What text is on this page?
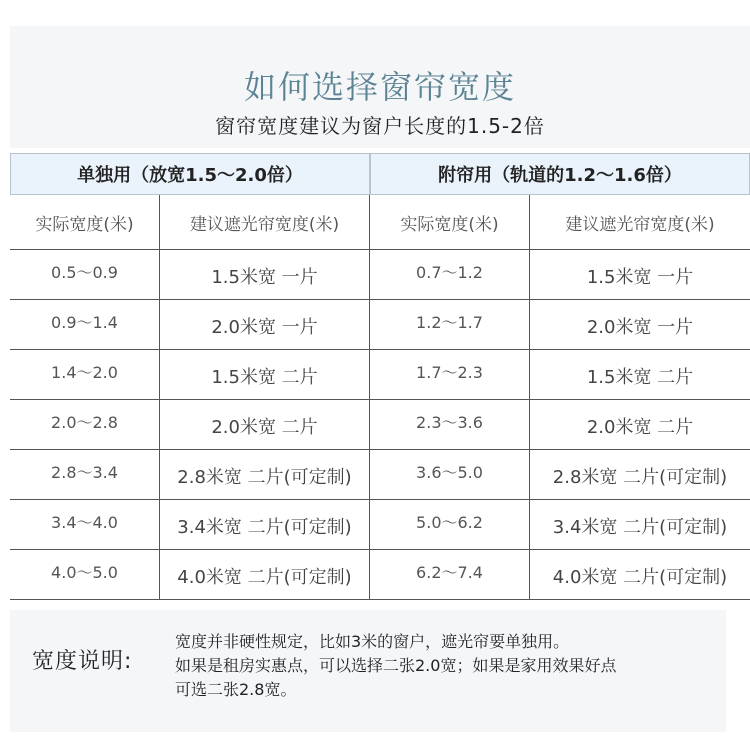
如何选择窗帘宽度
窗帘宽度建议为窗户长度的1.5-2倍
单独用（放宽1.5～2.0倍）	附帘用（轨道的1.2～1.6倍）
实际宽度(米)	建议遮光帘宽度(米)	实际宽度(米)	建议遮光帘宽度(米)
0.5～0.9	1.5米宽 一片	0.7～1.2	1.5米宽 一片
0.9～1.4	2.0米宽 一片	1.2～1.7	2.0米宽 一片
1.4～2.0	1.5米宽 二片	1.7～2.3	1.5米宽 二片
2.0～2.8	2.0米宽 二片	2.3～3.6	2.0米宽 二片
2.8～3.4	2.8米宽 二片(可定制)	3.6～5.0	2.8米宽 二片(可定制)
3.4～4.0	3.4米宽 二片(可定制)	5.0～6.2	3.4米宽 二片(可定制)
4.0～5.0	4.0米宽 二片(可定制)	6.2～7.4	4.0米宽 二片(可定制)
宽度说明:
宽度并非硬性规定，比如3米的窗户，遮光帘要单独用。
如果是租房实惠点，可以选择二张2.0宽；如果是家用效果好点
可选二张2.8宽。
